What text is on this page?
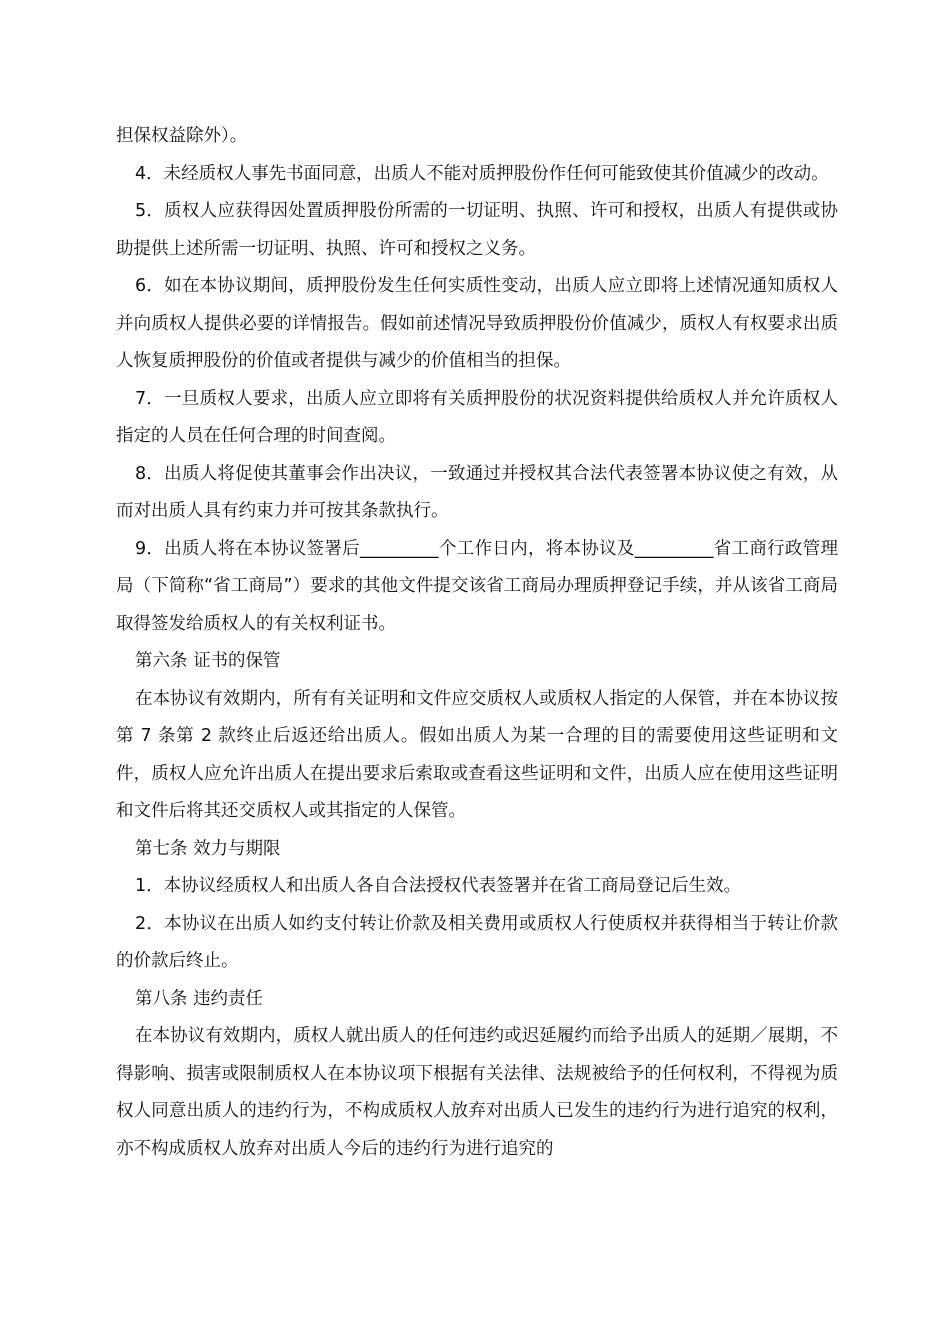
担保权益除外）。

4．未经质权人事先书面同意，出质人不能对质押股份作任何可能致使其价值减少的改动。

5．质权人应获得因处置质押股份所需的一切证明、执照、许可和授权，出质人有提供或协助提供上述所需一切证明、执照、许可和授权之义务。

6．如在本协议期间，质押股份发生任何实质性变动，出质人应立即将上述情况通知质权人并向质权人提供必要的详情报告。假如前述情况导致质押股份价值减少，质权人有权要求出质人恢复质押股份的价值或者提供与减少的价值相当的担保。

7．一旦质权人要求，出质人应立即将有关质押股份的状况资料提供给质权人并允许质权人指定的人员在任何合理的时间查阅。

8．出质人将促使其董事会作出决议，一致通过并授权其合法代表签署本协议使之有效，从而对出质人具有约束力并可按其条款执行。

9．出质人将在本协议签署后_________个工作日内，将本协议及_________省工商行政管理局（下简称“省工商局”）要求的其他文件提交该省工商局办理质押登记手续，并从该省工商局取得签发给质权人的有关权利证书。

第六条 证书的保管

在本协议有效期内，所有有关证明和文件应交质权人或质权人指定的人保管，并在本协议按第 7 条第 2 款终止后返还给出质人。假如出质人为某一合理的目的需要使用这些证明和文件，质权人应允许出质人在提出要求后索取或查看这些证明和文件，出质人应在使用这些证明和文件后将其还交质权人或其指定的人保管。

第七条 效力与期限

1．本协议经质权人和出质人各自合法授权代表签署并在省工商局登记后生效。

2．本协议在出质人如约支付转让价款及相关费用或质权人行使质权并获得相当于转让价款的价款后终止。

第八条 违约责任

在本协议有效期内，质权人就出质人的任何违约或迟延履约而给予出质人的延期／展期，不得影响、损害或限制质权人在本协议项下根据有关法律、法规被给予的任何权利，不得视为质权人同意出质人的违约行为，不构成质权人放弃对出质人已发生的违约行为进行追究的权利，亦不构成质权人放弃对出质人今后的违约行为进行追究的
